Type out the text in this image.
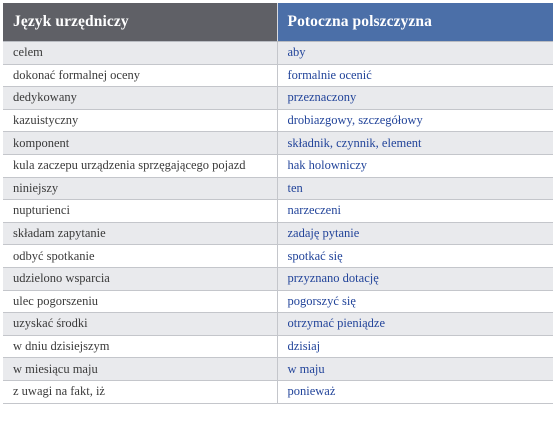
Język urzędniczy	Potoczna polszczyzna
celem	aby
dokonać formalnej oceny	formalnie ocenić
dedykowany	przeznaczony
kazuistyczny	drobiazgowy, szczegółowy
komponent	składnik, czynnik, element
kula zaczepu urządzenia sprzęgającego pojazd	hak holowniczy
niniejszy	ten
nupturienci	narzeczeni
składam zapytanie	zadaję pytanie
odbyć spotkanie	spotkać się
udzielono wsparcia	przyznano dotację
ulec pogorszeniu	pogorszyć się
uzyskać środki	otrzymać pieniądze
w dniu dzisiejszym	dzisiaj
w miesiącu maju	w maju
z uwagi na fakt, iż	ponieważ
